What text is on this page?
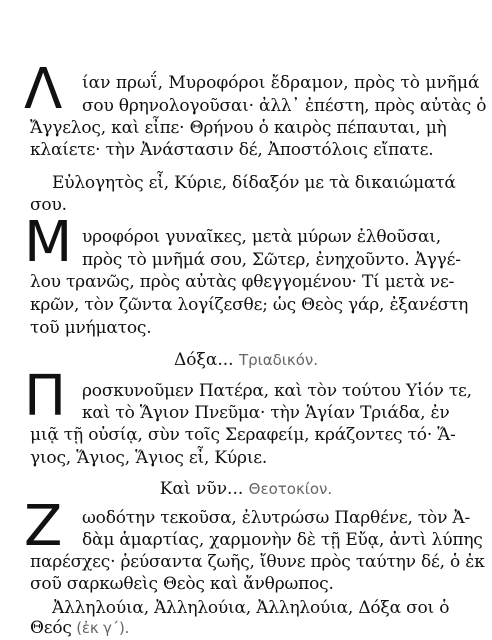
Λ ίαν πρωΐ, Μυροφόροι ἔδραμον, πρὸς τὸ μνῆμά
σου θρηνολογοῦσαι· ἀλλ᾽ ἐπέστη, πρὸς αὐτὰς ὁ
Ἄγγελος, καὶ εἶπε· Θρήνου ὁ καιρὸς πέπαυται, μὴ
κλαίετε· τὴν Ἀνάστασιν δέ, Ἀποστόλοις εἴπατε.
Εὐλογητὸς εἶ, Κύριε, δίδαξόν με τὰ δικαιώματά
σου.
Μ υροφόροι γυναῖκες, μετὰ μύρων ἐλθοῦσαι,
πρὸς τὸ μνῆμά σου, Σῶτερ, ἐνηχοῦντο. Ἀγγέ-
λου τρανῶς, πρὸς αὐτὰς φθεγγομένου· Τί μετὰ νε-
κρῶν, τὸν ζῶντα λογίζεσθε; ὡς Θεὸς γάρ, ἐξανέστη
τοῦ μνήματος.
Δόξα... Τριαδικόν.
Π ροσκυνοῦμεν Πατέρα, καὶ τὸν τούτου Υἱόν τε,
καὶ τὸ Ἅγιον Πνεῦμα· τὴν Ἁγίαν Τριάδα, ἐν
μιᾷ τῇ οὐσίᾳ, σὺν τοῖς Σεραφείμ, κράζοντες τό· Ἅ-
γιος, Ἅγιος, Ἅγιος εἶ, Κύριε.
Καὶ νῦν... Θεοτοκίον.
Ζ ωοδότην τεκοῦσα, ἐλυτρώσω Παρθένε, τὸν Ἀ-
δὰμ ἁμαρτίας, χαρμονὴν δὲ τῇ Εὔᾳ, ἀντὶ λύπης
παρέσχες· ῥεύσαντα ζωῆς, ἴθυνε πρὸς ταύτην δέ, ὁ ἐκ
σοῦ σαρκωθεὶς Θεὸς καὶ ἄνθρωπος.
Ἀλληλούια, Ἀλληλούια, Ἀλληλούια, Δόξα σοι ὁ
Θεός (ἐκ γ΄).
